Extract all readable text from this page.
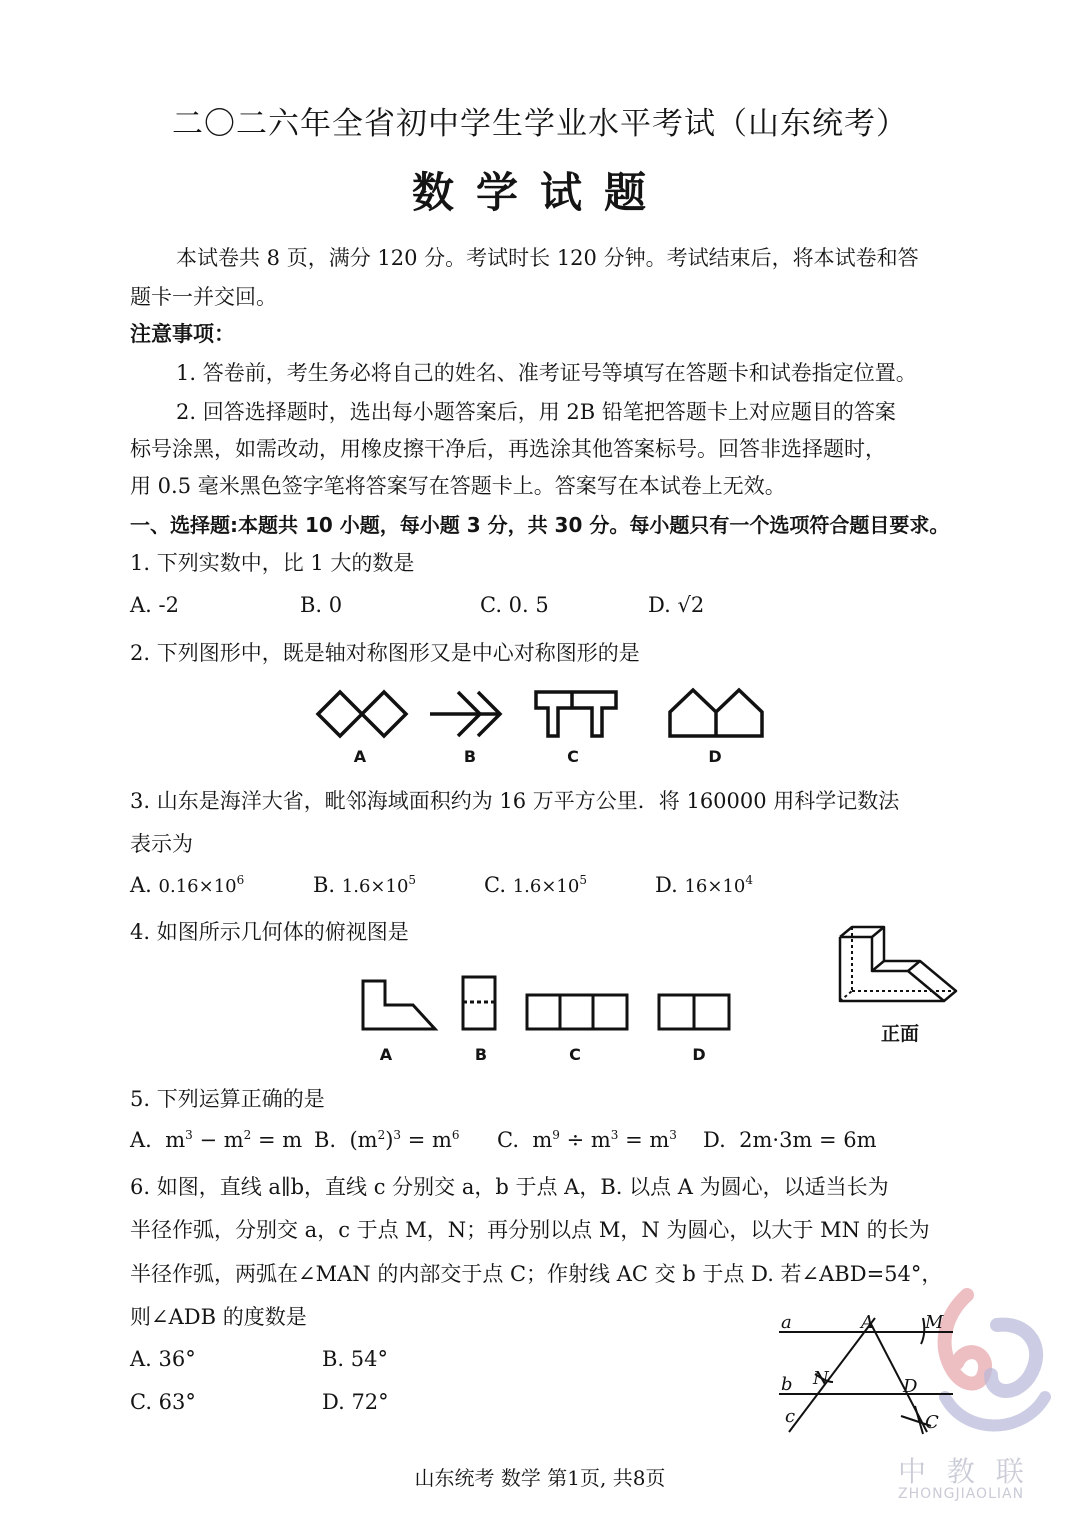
二〇二六年全省初中学生学业水平考试（山东统考）
数学试题
本试卷共 8 页，满分 120 分。考试时长 120 分钟。考试结束后，将本试卷和答
题卡一并交回。
注意事项：
1. 答卷前，考生务必将自己的姓名、准考证号等填写在答题卡和试卷指定位置。
2. 回答选择题时，选出每小题答案后，用 2B 铅笔把答题卡上对应题目的答案
标号涂黑，如需改动，用橡皮擦干净后，再选涂其他答案标号。回答非选择题时，
用 0.5 毫米黑色签字笔将答案写在答题卡上。答案写在本试卷上无效。
一、选择题:本题共 10 小题，每小题 3 分，共 30 分。每小题只有一个选项符合题目要求。
1. 下列实数中，比 1 大的数是
A. -2	B. 0	C. 0. 5	D. √2
2. 下列图形中，既是轴对称图形又是中心对称图形的是
A	B	C	D
3. 山东是海洋大省，毗邻海域面积约为 16 万平方公里．将 160000 用科学记数法
表示为
A. $0.16\times 10^6$	B. $1.6\times 10^5$	C. $1.6\times 10^5$	D. $16\times 10^4$
4. 如图所示几何体的俯视图是
A	B	C	D
正面
5. 下列运算正确的是
A. $m^3 - m^2 = m$ B. $(m^2)^3 = m^6$ C. $m^9 \div m^3 = m^3$ D. 2m·3m = 6m
6. 如图，直线 a∥b，直线 c 分别交 a，b 于点 A，B. 以点 A 为圆心，以适当长为
半径作弧，分别交 a，c 于点 M，N；再分别以点 M，N 为圆心，以大于 MN 的长为
半径作弧，两弧在∠MAN 的内部交于点 C；作射线 AC 交 b 于点 D. 若∠ABD=54°，
则∠ADB 的度数是
A. 36°	B. 54°
C. 63°	D. 72°
中 教 联
ZHONGJIAOLIAN
a
b
c
A	M
N	D
C
山东统考 数学 第1页, 共8页
